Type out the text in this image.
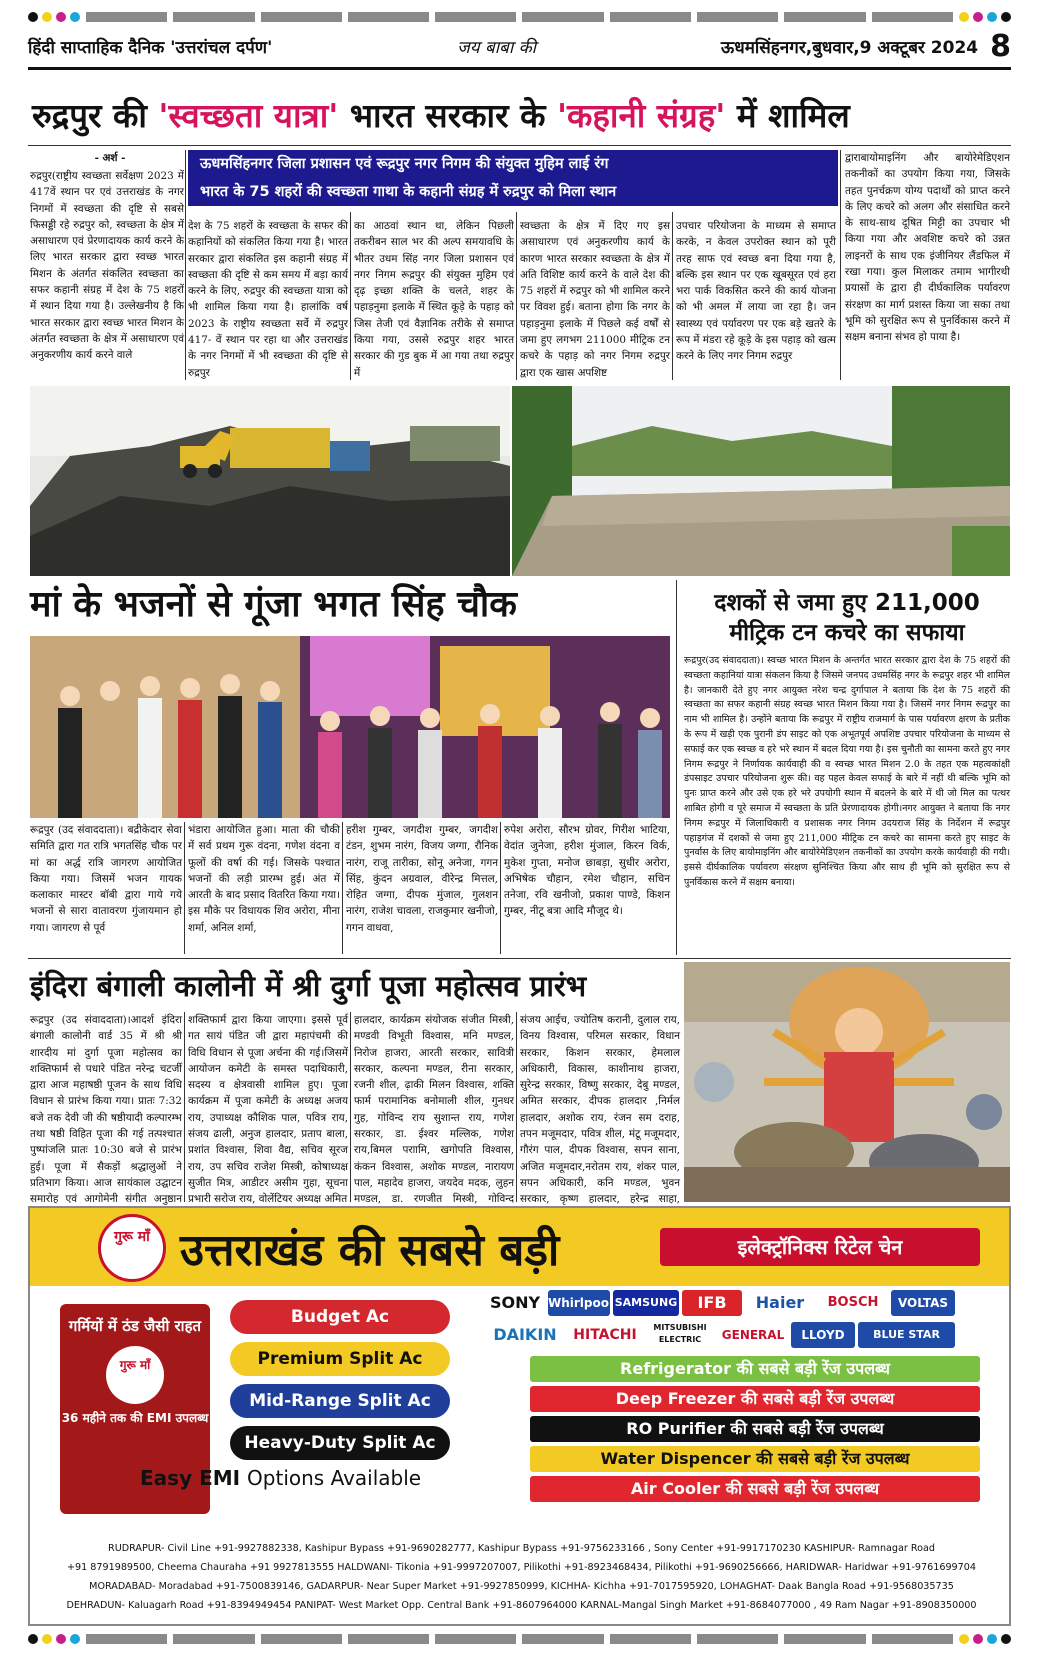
हिंदी साप्ताहिक दैनिक 'उत्तरांचल दर्पण'	जय बाबा की	ऊधमसिंहनगर,बुधवार,9 अक्टूबर 2024 8
रुद्रपुर की 'स्वच्छता यात्रा' भारत सरकार के 'कहानी संग्रह' में शामिल
- अर्श -	ऊधमसिंहनगर जिला प्रशासन एवं रूद्रपुर नगर निगम की संयुक्त मुहिम लाई रंग
भारत के 75 शहरों की स्वच्छता गाथा के कहानी संग्रह में रुद्रपुर को मिला स्थान
रुद्रपुर(राष्ट्रीय स्वच्छता सर्वेक्षण 2023 में 417वें स्थान पर एवं उत्तराखंड के नगर निगमों में स्वच्छता की दृष्टि से सबसे फिसड्डी रहे रुद्रपुर को, स्वच्छता के क्षेत्र में असाधारण एवं प्रेरणादायक कार्य करने के लिए भारत सरकार द्वारा स्वच्छ भारत मिशन के अंतर्गत संकलित स्वच्छता का सफर कहानी संग्रह में देश के 75 शहरों में स्थान दिया गया है। उल्लेखनीय है कि भारत सरकार द्वारा स्वच्छ भारत मिशन के अंतर्गत स्वच्छता के क्षेत्र में असाधारण एवं अनुकरणीय कार्य करने वाले
देश के 75 शहरों के स्वच्छता के सफर की कहानियों को संकलित किया गया है। भारत सरकार द्वारा संकलित इस कहानी संग्रह में स्वच्छता की दृष्टि से कम समय में बड़ा कार्य करने के लिए, रुद्रपुर की स्वच्छता यात्रा को भी शामिल किया गया है। हालांकि वर्ष 2023 के राष्ट्रीय स्वच्छता सर्वे में रुद्रपुर 417- वें स्थान पर रहा था और उत्तराखंड के नगर निगमों में भी स्वच्छता की दृष्टि से रुद्रपुर
का आठवां स्थान था, लेकिन पिछली तकरीबन साल भर की अल्प समयावधि के भीतर उधम सिंह नगर जिला प्रशासन एवं नगर निगम रूद्रपुर की संयुक्त मुहिम एवं दृढ़ इच्छा शक्ति के चलते, शहर के पहाड़नुमा इलाके में स्थित कूड़े के पहाड़ को जिस तेजी एवं वैज्ञानिक तरीके से समाप्त किया गया, उससे रुद्रपुर शहर भारत सरकार की गुड बुक में आ गया तथा रुद्रपुर में
स्वच्छता के क्षेत्र में दिए गए इस असाधारण एवं अनुकरणीय कार्य के कारण भारत सरकार स्वच्छता के क्षेत्र में अति विशिष्ट कार्य करने के वाले देश की 75 शहरों में रुद्रपुर को भी शामिल करने पर विवश हुई। बताना होगा कि नगर के पहाड़नुमा इलाके में पिछले कई वर्षों से जमा हुए लगभग 211000 मीट्रिक टन कचरे के पहाड़ को नगर निगम रुद्रपुर द्वारा एक खास अपशिष्ट
उपचार परियोजना के माध्यम से समाप्त करके, न केवल उपरोक्त स्थान को पूरी तरह साफ एवं स्वच्छ बना दिया गया है, बल्कि इस स्थान पर एक खूबसूरत एवं हरा भरा पार्क विकसित करने की कार्य योजना को भी अमल में लाया जा रहा है। जन स्वास्थ्य एवं पर्यावरण पर एक बड़े खतरे के रूप में मंडरा रहे कूड़े के इस पहाड़ को खत्म करने के लिए नगर निगम रुद्रपुर
द्वाराबायोमाइनिंग और बायोरेमेडिएशन तकनीकों का उपयोग किया गया, जिसके तहत पुनर्चक्रण योग्य पदार्थों को प्राप्त करने के लिए कचरे को अलग और संसाधित करने के साथ-साथ दूषित मिट्टी का उपचार भी किया गया और अवशिष्ट कचरे को उन्नत लाइनरों के साथ एक इंजीनियर लैंडफिल में रखा गया। कुल मिलाकर तमाम भागीरथी प्रयासों के द्वारा ही दीर्घकालिक पर्यावरण संरक्षण का मार्ग प्रशस्त किया जा सका तथा भूमि को सुरक्षित रूप से पुनर्विकास करने में सक्षम बनाना संभव हो पाया है।
मां के भजनों से गूंजा भगत सिंह चौक
रूद्रपुर (उद संवाददाता)। बद्रीकेदार सेवा समिति द्वारा गत रात्रि भगतसिंह चौक पर मां का अर्द्ध रात्रि जागरण आयोजित किया गया। जिसमें भजन गायक कलाकार मास्टर बॉबी द्वारा गाये गये भजनों से सारा वातावरण गुंजायमान हो गया। जागरण से पूर्व
भंडारा आयोजित हुआ। माता की चौकी में सर्व प्रथम गुरू वंदना, गणेश वंदना व फूलों की वर्षा की गई। जिसके पश्चात भजनों की लड़ी प्रारम्भ हुई। अंत में आरती के बाद प्रसाद वितरित किया गया। इस मौके पर विधायक शिव अरोरा, मीना शर्मा, अनिल शर्मा,
हरीश गुम्बर, जगदीश गुम्बर, जगदीश टंडन, शुभम नारंग, विजय जग्गा, रौनिक नारंग, राजू तारीका, सोनू अनेजा, गगन सिंह, कुंदन अग्रवाल, वीरेन्द्र मित्तल, रोहित जग्गा, दीपक मुंजाल, गुलशन नारंग, राजेश चावला, राजकुमार खनीजो, गगन वाधवा,
रुपेश अरोरा, सौरभ ग्रोवर, गिरीश भाटिया, वेदांत जुनेजा, हरीश मुंजाल, किरन विर्क, मुकेश गुप्ता, मनोज छाबड़ा, सुधीर अरोरा, अभिषेक चौहान, रमेश चौहान, सचिन तनेजा, रवि खनीजो, प्रकाश पाण्डे, किशन गुम्बर, नीटू बत्रा आदि मौजूद थे।
दशकों से जमा हुए 211,000
मीट्रिक टन कचरे का सफाया
रूद्रपुर(उद संवाददाता)। स्वच्छ भारत मिशन के अन्तर्गत भारत सरकार द्वारा देश के 75 शहरों की स्वच्छता कहानियां यात्रा संकलन किया है जिसमे जनपद उधमसिंह नगर के रूद्रपुर शहर भी शामिल है। जानकारी देते हुए नगर आयुक्त नरेश चन्द्र दुर्गापाल ने बताया कि देश के 75 शहरों की स्वच्छता का सफर कहानी संग्रह स्वच्छ भारत मिशन किया गया है। जिसमें नगर निगम रूद्रपुर का नाम भी शामिल है। उन्होंने बताया कि रूद्रपुर में राष्ट्रीय राजमार्ग के पास पर्यावरण क्षरण के प्रतीक के रूप में खड़ी एक पुरानी डंप साइट को एक अभूतपूर्व अपशिष्ट उपचार परियोजना के माध्यम से सफाई कर एक स्वच्छ व हरे भरे स्थान में बदल दिया गया है। इस चुनौती का सामना करते हुए नगर निगम रूद्रपुर ने निर्णायक कार्यवाही की व स्वच्छ भारत मिशन 2.0 के तहत एक महत्वकांक्षी डंपसाइट उपचार परियोजना शुरू की। वह पहल केवल सफाई के बारे में नहीं थी बल्कि भूमि को पुनः प्राप्त करने और उसे एक हरे भरे उपयोगी स्थान में बदलने के बारे में थी जो मिल का पत्थर शाबित होगी व पूरे समाज में स्वच्छता के प्रति प्रेरणादायक होगी।नगर आयुक्त ने बताया कि नगर निगम रूद्रपुर में जिलाधिकारी व प्रशासक नगर निगम उदयराज सिंह के निर्देशन में रूद्रपुर पहाड़गंज में दशकों से जमा हुए 211,000 मीट्रिक टन कचरे का सामना करते हुए साइट के पुनर्वास के लिए बायोमाइनिंग और बायोरेमेडिएशन तकनीकों का उपयोग करके कार्यवाही की गयी। इससे दीर्घकालिक पर्यावरण संरक्षण सुनिश्चित किया और साथ ही भूमि को सुरक्षित रूप से पुनर्विकास करने में सक्षम बनाया।
इंदिरा बंगाली कालोनी में श्री दुर्गा पूजा महोत्सव प्रारंभ
रूद्रपुर (उद संवाददाता)।आदर्श इंदिरा बंगाली कालोनी वार्ड 35 में श्री श्री शारदीय मां दुर्गा पूजा महोत्सव का शक्तिफार्म से पधारे पंडित नरेन्द्र चटर्जी द्वारा आज महाषष्ठी पूजन के साथ विधि विधान से प्रारंभ किया गया। प्रातः 7:32 बजे तक देवी जी की षष्ठीयादी कल्पारम्भ तथा षष्ठी विहित पूजा की गई तत्पश्चात पुष्पांजलि प्रातः 10:30 बजे से प्रारंभ हुई। पूजा में सैकड़ों श्रद्धालुओं ने प्रतिभाग किया। आज सायंकाल उद्घाटन समारोह एवं आगोमेनी संगीत अनुष्ठान
शक्तिफार्म द्वारा किया जाएगा। इससे पूर्व गत सायं पंडित जी द्वारा महापंचमी की विधि विधान से पूजा अर्चना की गई।जिसमें आयोजन कमेटी के समस्त पदाधिकारी, सदस्य व क्षेत्रवासी शामिल हुए। पूजा कार्यक्रम में पूजा कमेटी के अध्यक्ष अजय राय, उपाध्यक्ष कौशिक पाल, पवित्र राय, संजय ढाली, अनुज हालदार, प्रताप बाला, प्रशांत विश्वास, शिवा वैद्य, सचिव सूरज राय, उप सचिव राजेश मिस्त्री, कोषाध्यक्ष सुजीत मित्र, आडीटर असीम गुहा, सूचना प्रभारी सरोज राय, वोलेंटियर अध्यक्ष अमित
हालदार, कार्यक्रम संयोजक संजीत मिस्त्री, मण्डवी विभूती विश्वास, मनि मण्डल, निरोज हाजरा, आरती सरकार, सावित्री सरकार, कल्पना मण्डल, रीना सरकार, रजनी शील, ढ़ाकी मिलन विश्वास, शक्ति फार्म परामानिक बनोमाली शील, गुनधर गुह, गोविन्द राय सुशान्त राय, गणेश सरकार, डा. ईश्वर मल्लिक, गणेश राय,बिमल पराामि, खगोपति विश्वास, कंकन विश्वास, अशोक मण्डल, नारायण पाल, महादेव हाजरा, जयदेव मदक, लुहन मण्डल, डा. रणजीत मिस्त्री, गोविन्द
संजय आईच, ज्योतिष करानी, दुलाल राय, विनय विश्वास, परिमल सरकार, विधान सरकार, किशन सरकार, हेमलाल अधिकारी, विकास, काशीनाथ हाजरा, सुरेन्द्र सरकार, विष्णु सरकार, देबु मण्डल, अमित सरकार, दीपक हालदार ,निर्मल हालदार, अशोक राय, रंजन सम दराह, तपन मजूमदार, पवित्र शील, मंटू मजूमदार, गौरंग पाल, दीपक विश्वास, सपन साना, अजित मजूमदार,नरोतम राय, शंकर पाल, सपन अधिकारी, कनि मण्डल, भुवन सरकार, कृष्ण हालदार, हरेन्द्र साहा,
गुरू माँ उत्तराखंड की सबसे बड़ी	इलेक्ट्रॉनिक्स रिटेल चेन
गर्मियों में ठंड जैसी राहत
गुरू माँ
36 महीने तक की EMI उपलब्ध
Budget Ac
Premium Split Ac
Mid-Range Split Ac
Heavy-Duty Split Ac
Easy EMI Options Available
SONY Whirlpool SAMSUNG	IFB	Haier	BOSCH	VOLTAS
DAIKIN	HITACHI	MITSUBISHI ELECTRIC	GENERAL	LLOYD	BLUE STAR
Refrigerator की सबसे बड़ी रेंज उपलब्ध
Deep Freezer की सबसे बड़ी रेंज उपलब्ध
RO Purifier की सबसे बड़ी रेंज उपलब्ध
Water Dispencer की सबसे बड़ी रेंज उपलब्ध
Air Cooler की सबसे बड़ी रेंज उपलब्ध
RUDRAPUR- Civil Line +91-9927882338, Kashipur Bypass +91-9690282777, Kashipur Bypass +91-9756233166 , Sony Center +91-9917170230 KASHIPUR- Ramnagar Road
+91 8791989500, Cheema Chauraha +91 9927813555 HALDWANI- Tikonia +91-9997207007, Pilikothi +91-8923468434, Pilikothi +91-9690256666, HARIDWAR- Haridwar +91-9761699704
MORADABAD- Moradabad +91-7500839146, GADARPUR- Near Super Market +91-9927850999, KICHHA- Kichha +91-7017595920, LOHAGHAT- Daak Bangla Road +91-9568035735
DEHRADUN- Kaluagarh Road +91-8394949454 PANIPAT- West Market Opp. Central Bank +91-8607964000 KARNAL-Mangal Singh Market +91-8684077000 , 49 Ram Nagar +91-8908350000
